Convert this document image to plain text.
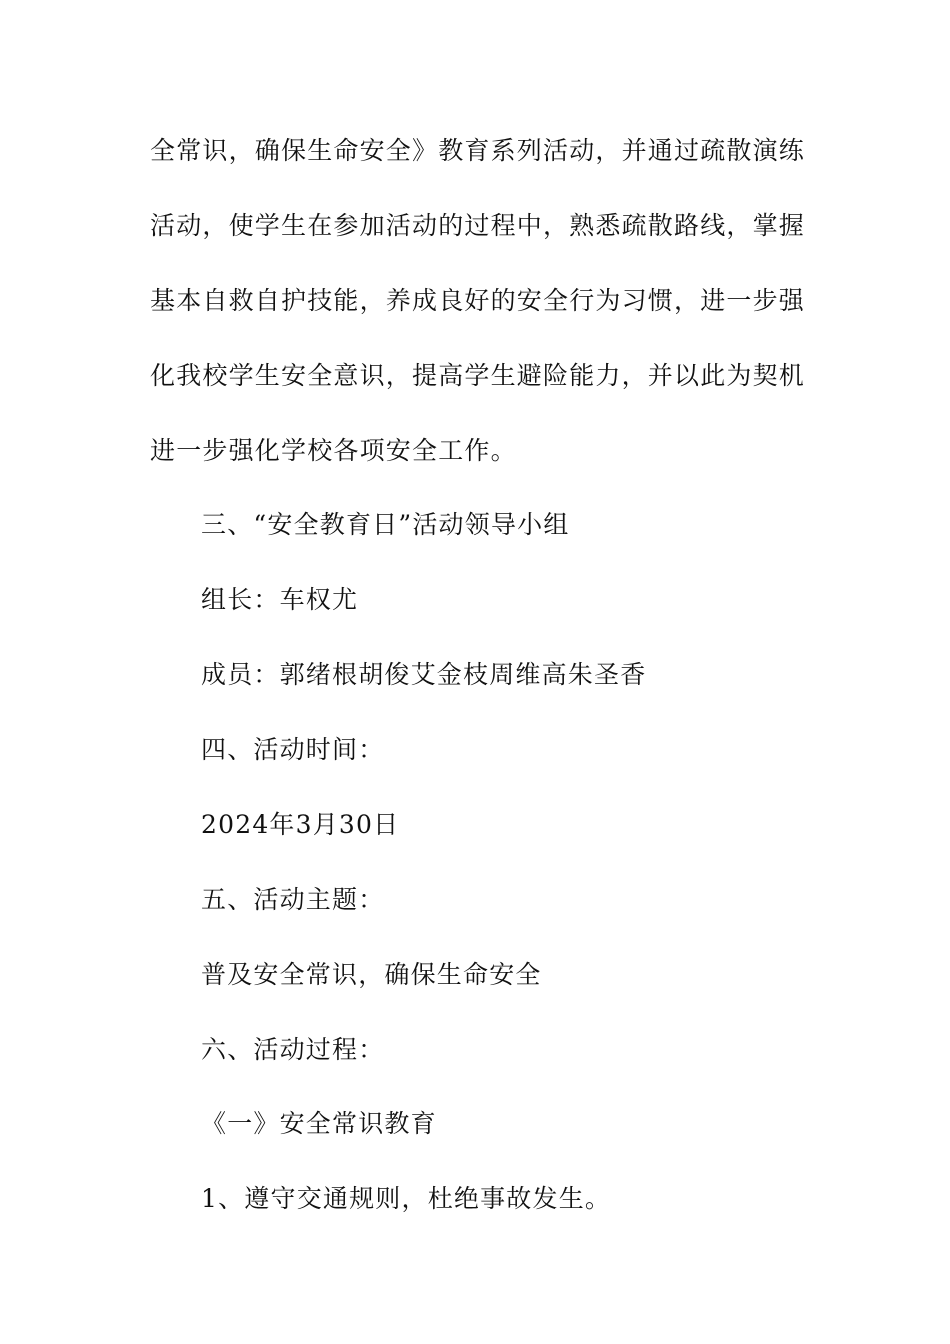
全常识，确保生命安全》教育系列活动，并通过疏散演练
活动，使学生在参加活动的过程中，熟悉疏散路线，掌握
基本自救自护技能，养成良好的安全行为习惯，进一步强
化我校学生安全意识，提高学生避险能力，并以此为契机
进一步强化学校各项安全工作。
三、“安全教育日”活动领导小组
组长：车权尤
成员：郭绪根胡俊艾金枝周维高朱圣香
四、活动时间：
2024年3月30日
五、活动主题：
普及安全常识，确保生命安全
六、活动过程：
《一》安全常识教育
1、遵守交通规则，杜绝事故发生。
